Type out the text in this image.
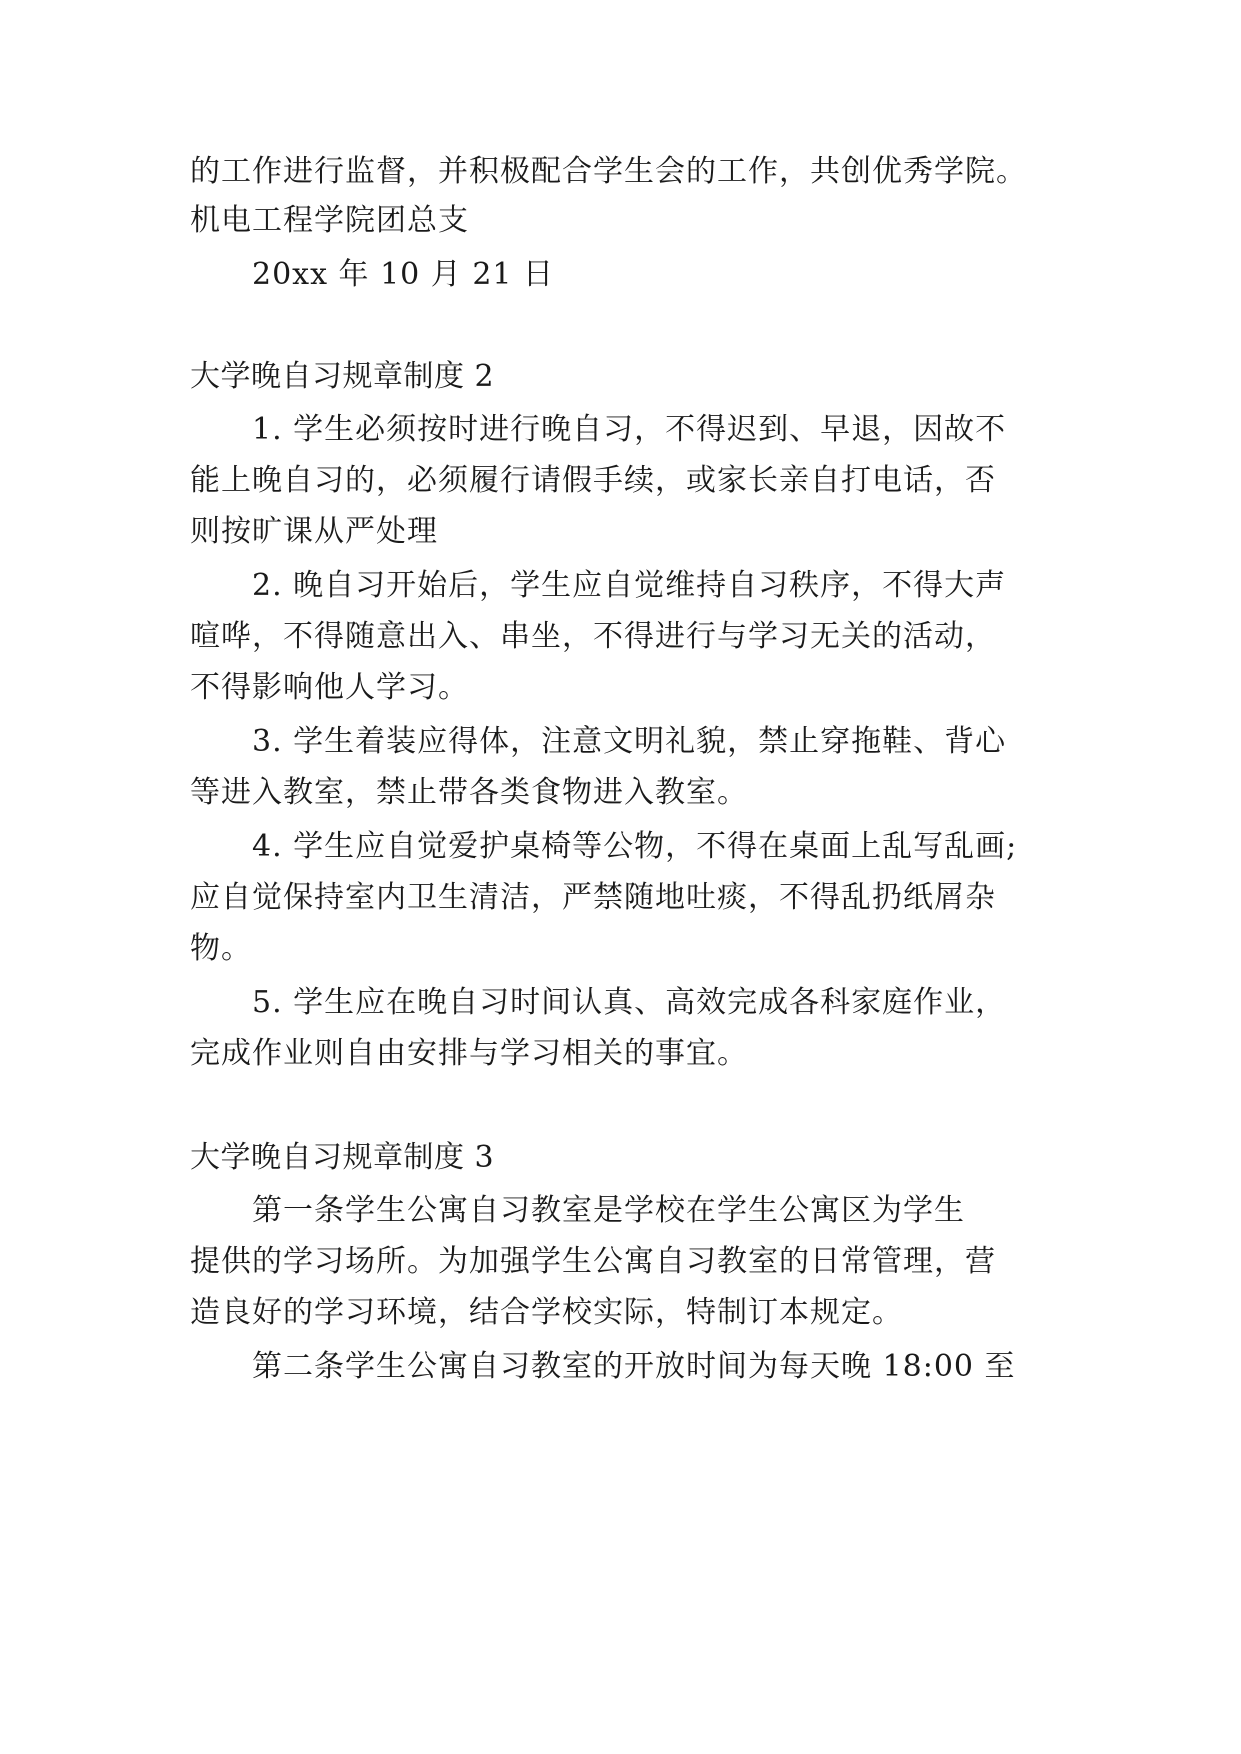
的工作进行监督，并积极配合学生会的工作，共创优秀学院。
机电工程学院团总支
20xx 年 10 月 21 日
大学晚自习规章制度 2
1. 学生必须按时进行晚自习，不得迟到、早退，因故不
能上晚自习的，必须履行请假手续，或家长亲自打电话，否
则按旷课从严处理
2. 晚自习开始后，学生应自觉维持自习秩序，不得大声
喧哗，不得随意出入、串坐，不得进行与学习无关的活动，
不得影响他人学习。
3. 学生着装应得体，注意文明礼貌，禁止穿拖鞋、背心
等进入教室，禁止带各类食物进入教室。
4. 学生应自觉爱护桌椅等公物，不得在桌面上乱写乱画;
应自觉保持室内卫生清洁，严禁随地吐痰，不得乱扔纸屑杂
物。
5. 学生应在晚自习时间认真、高效完成各科家庭作业，
完成作业则自由安排与学习相关的事宜。
大学晚自习规章制度 3
第一条学生公寓自习教室是学校在学生公寓区为学生
提供的学习场所。为加强学生公寓自习教室的日常管理，营
造良好的学习环境，结合学校实际，特制订本规定。
第二条学生公寓自习教室的开放时间为每天晚 18:00 至
